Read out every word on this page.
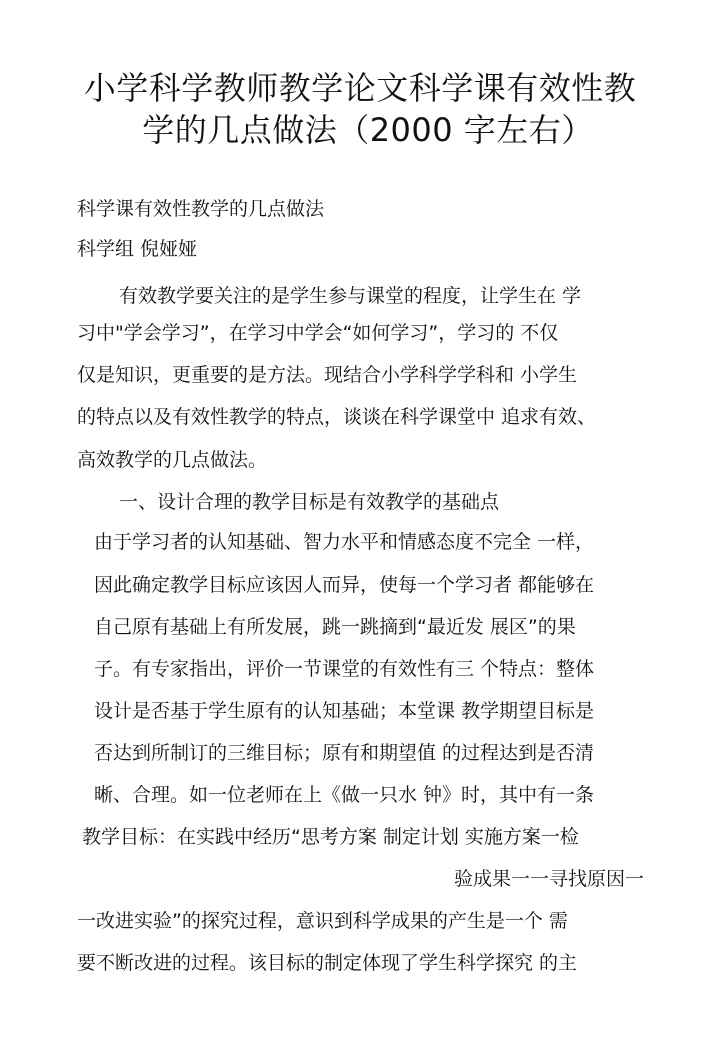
小学科学教师教学论文科学课有效性教
学的几点做法（2000 字左右）
科学课有效性教学的几点做法
科学组 倪娅娅
有效教学要关注的是学生参与课堂的程度，让学生在 学
习中"学会学习”，在学习中学会“如何学习”，学习的 不仅
仅是知识，更重要的是方法。现结合小学科学学科和 小学生
的特点以及有效性教学的特点，谈谈在科学课堂中 追求有效、
高效教学的几点做法。
一、设计合理的教学目标是有效教学的基础点
由于学习者的认知基础、智力水平和情感态度不完全 一样，
因此确定教学目标应该因人而异，使每一个学习者 都能够在
自己原有基础上有所发展，跳一跳摘到“最近发 展区”的果
子。有专家指出，评价一节课堂的有效性有三 个特点：整体
设计是否基于学生原有的认知基础；本堂课 教学期望目标是
否达到所制订的三维目标；原有和期望值 的过程达到是否清
晰、合理。如一位老师在上《做一只水 钟》时，其中有一条
教学目标：在实践中经历“思考方案 制定计划 实施方案一检
验成果一一寻找原因一
一改进实验”的探究过程，意识到科学成果的产生是一个 需
要不断改进的过程。该目标的制定体现了学生科学探究 的主
